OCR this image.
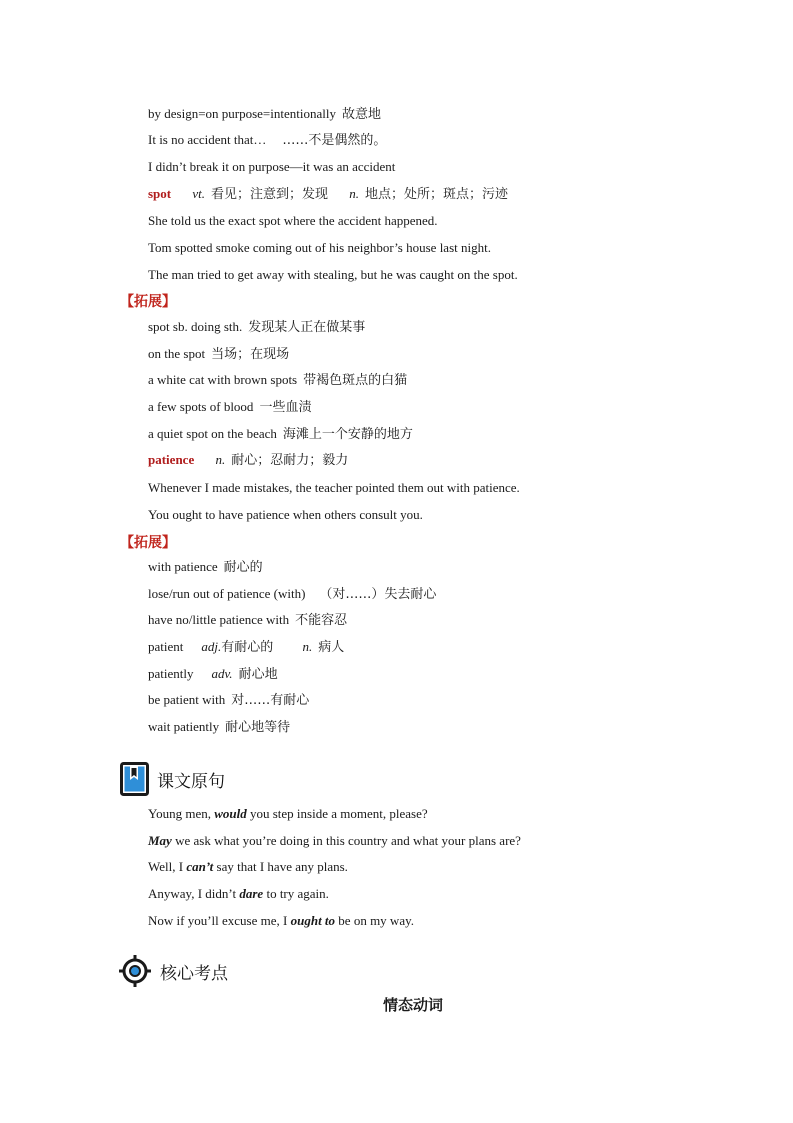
by design=on purpose=intentionally 故意地
It is no accident that… ……不是偶然的。
I didn’t break it on purpose—it was an accident
spot vt. 看见；注意到；发现 n. 地点；处所；斑点；污迹
She told us the exact spot where the accident happened.
Tom spotted smoke coming out of his neighbor’s house last night.
The man tried to get away with stealing, but he was caught on the spot.
【拓展】
spot sb. doing sth. 发现某人正在做某事
on the spot 当场；在现场
a white cat with brown spots 带褐色斑点的白猫
a few spots of blood 一些血渍
a quiet spot on the beach 海滩上一个安静的地方
patience n. 耐心；忍耐力；毅力
Whenever I made mistakes, the teacher pointed them out with patience.
You ought to have patience when others consult you.
【拓展】
with patience 耐心的
lose/run out of patience (with) （对……）失去耐心
have no/little patience with 不能容忍
patient adj.有耐心的 n. 病人
patiently adv. 耐心地
be patient with 对……有耐心
wait patiently 耐心地等待
课文原句
Young men, would you step inside a moment, please?
May we ask what you’re doing in this country and what your plans are?
Well, I can’t say that I have any plans.
Anyway, I didn’t dare to try again.
Now if you’ll excuse me, I ought to be on my way.
核心考点
情态动词
